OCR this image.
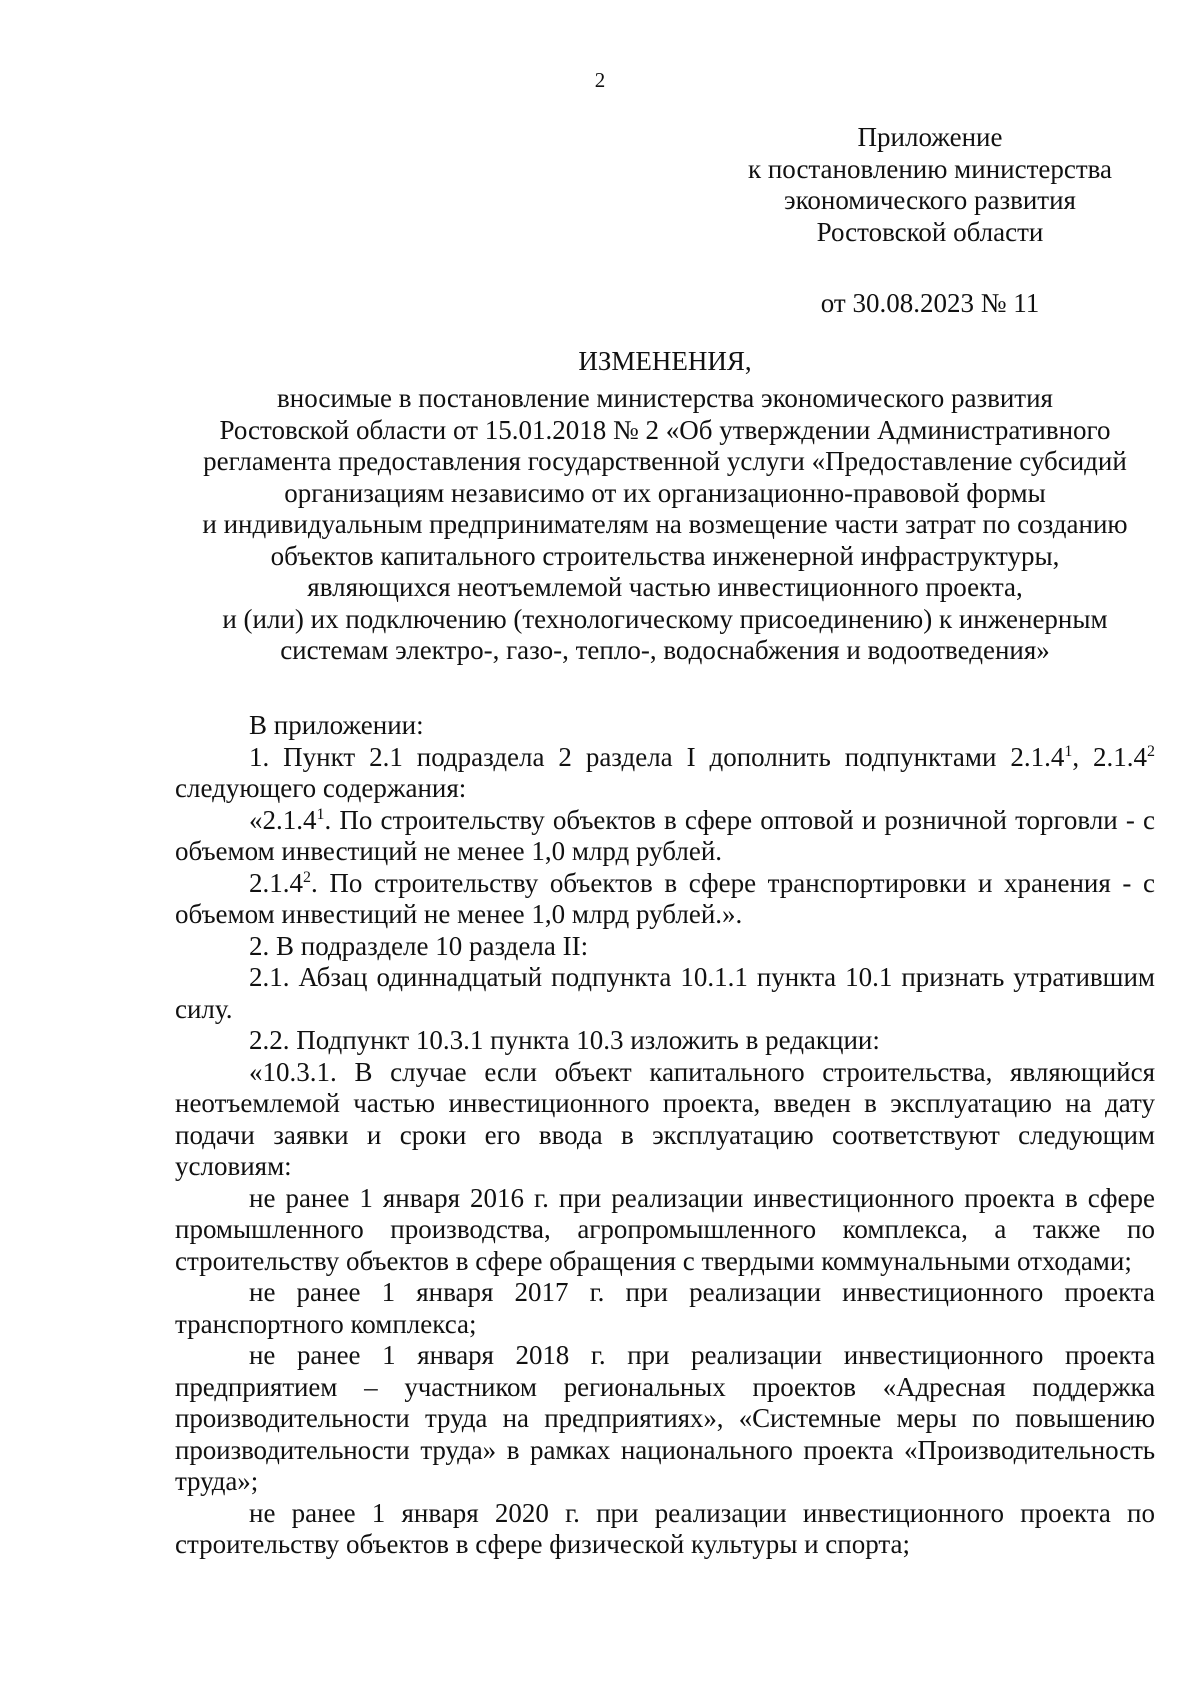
2
Приложение
к постановлению министерства
экономического развития
Ростовской области
от 30.08.2023 № 11
ИЗМЕНЕНИЯ,
вносимые в постановление министерства экономического развития
Ростовской области от 15.01.2018 № 2 «Об утверждении Административного
регламента предоставления государственной услуги «Предоставление субсидий
организациям независимо от их организационно-правовой формы
и индивидуальным предпринимателям на возмещение части затрат по созданию
объектов капитального строительства инженерной инфраструктуры,
являющихся неотъемлемой частью инвестиционного проекта,
и (или) их подключению (технологическому присоединению) к инженерным
системам электро-, газо-, тепло-, водоснабжения и водоотведения»

В приложении:

1. Пункт 2.1 подраздела 2 раздела I дополнить подпунктами 2.1.4$^1$, 2.1.4$^2$ следующего содержания:

«2.1.4$^1$. По строительству объектов в сфере оптовой и розничной торговли - с объемом инвестиций не менее 1,0 млрд рублей.

2.1.4$^2$. По строительству объектов в сфере транспортировки и хранения - с объемом инвестиций не менее 1,0 млрд рублей.».

2. В подразделе 10 раздела II:

2.1. Абзац одиннадцатый подпункта 10.1.1 пункта 10.1 признать утратившим силу.

2.2. Подпункт 10.3.1 пункта 10.3 изложить в редакции:

«10.3.1. В случае если объект капитального строительства, являющийся неотъемлемой частью инвестиционного проекта, введен в эксплуатацию на дату подачи заявки и сроки его ввода в эксплуатацию соответствуют следующим условиям:

не ранее 1 января 2016 г. при реализации инвестиционного проекта в сфере промышленного производства, агропромышленного комплекса, а также по строительству объектов в сфере обращения с твердыми коммунальными отходами;

не ранее 1 января 2017 г. при реализации инвестиционного проекта транспортного комплекса;

не ранее 1 января 2018 г. при реализации инвестиционного проекта предприятием – участником региональных проектов «Адресная поддержка производительности труда на предприятиях», «Системные меры по повышению производительности труда» в рамках национального проекта «Производительность труда»;

не ранее 1 января 2020 г. при реализации инвестиционного проекта по строительству объектов в сфере физической культуры и спорта;
